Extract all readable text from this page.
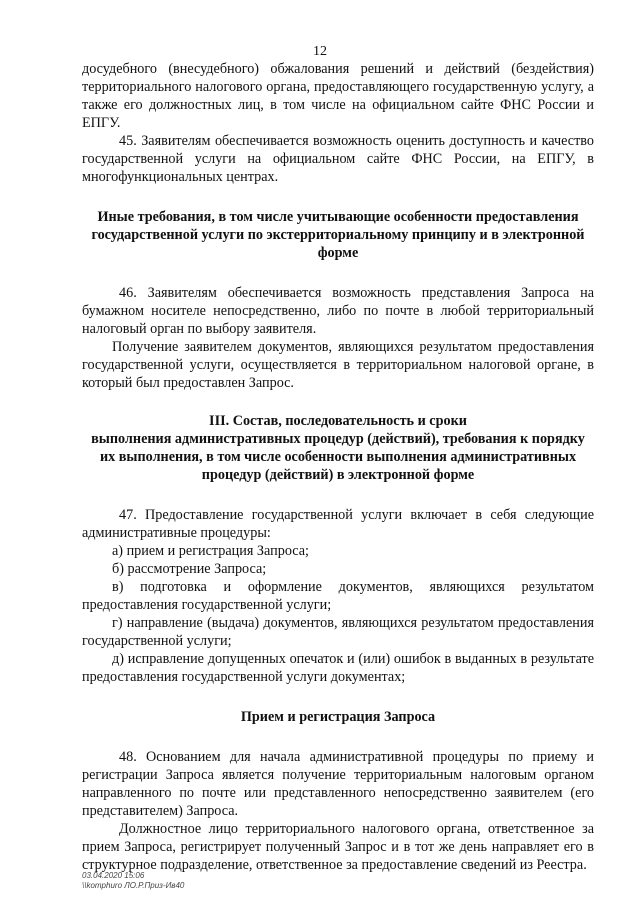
12

досудебного (внесудебного) обжалования решений и действий (бездействия) территориального налогового органа, предоставляющего государственную услугу, а также его должностных лиц, в том числе на официальном сайте ФНС России и ЕПГУ.

45. Заявителям обеспечивается возможность оценить доступность и качество государственной услуги на официальном сайте ФНС России, на ЕПГУ, в многофункциональных центрах.

Иные требования, в том числе учитывающие особенности предоставления государственной услуги по экстерриториальному принципу и в электронной форме

46. Заявителям обеспечивается возможность представления Запроса на бумажном носителе непосредственно, либо по почте в любой территориальный налоговый орган по выбору заявителя.

Получение заявителем документов, являющихся результатом предоставления государственной услуги, осуществляется в территориальном налоговой органе, в который был предоставлен Запрос.

III. Состав, последовательность и сроки

выполнения административных процедур (действий), требования к порядку их выполнения, в том числе особенности выполнения административных процедур (действий) в электронной форме

47. Предоставление государственной услуги включает в себя следующие административные процедуры:

а) прием и регистрация Запроса;

б) рассмотрение Запроса;

в) подготовка и оформление документов, являющихся результатом предоставления государственной услуги;

г) направление (выдача) документов, являющихся результатом предоставления государственной услуги;

д) исправление допущенных опечаток и (или) ошибок в выданных в результате предоставления государственной услуги документах;

Прием и регистрация Запроса

48. Основанием для начала административной процедуры по приему и регистрации Запроса является получение территориальным налоговым органом направленного по почте или представленного непосредственно заявителем (его представителем) Запроса.

Должностное лицо территориального налогового органа, ответственное за прием Запроса, регистрирует полученный Запрос и в тот же день направляет его в структурное подразделение, ответственное за предоставление сведений из Реестра.

03.04.2020 15:06
\\komphuro ЛО.Р.Приз-Ив40
